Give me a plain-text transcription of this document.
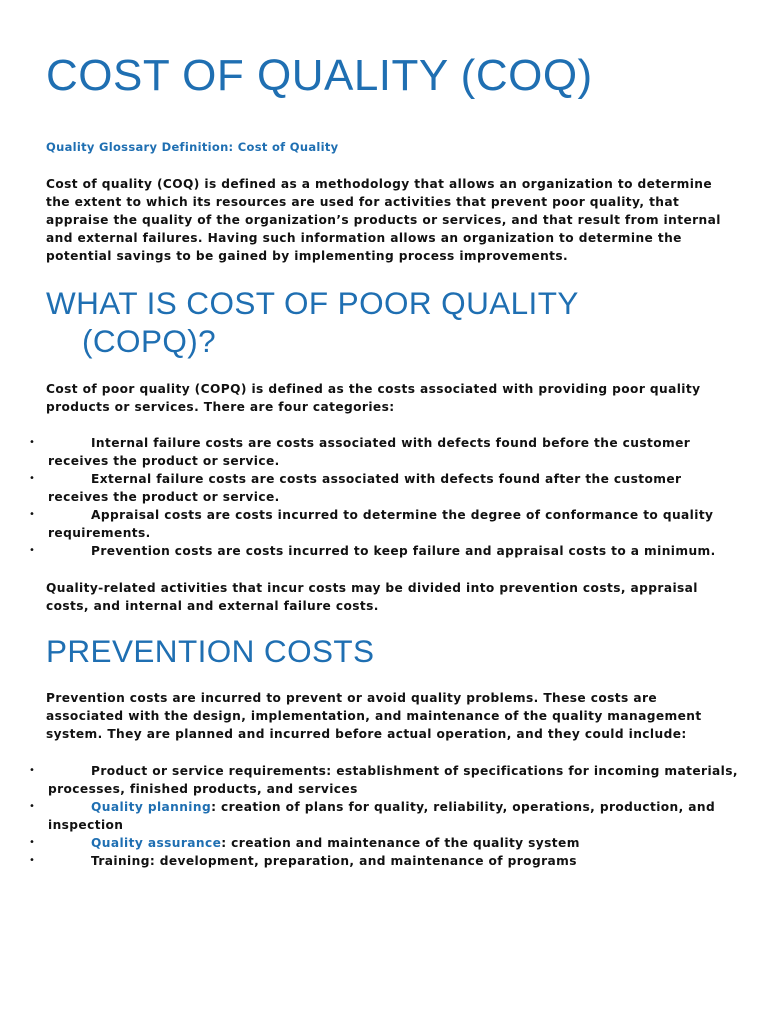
COST OF QUALITY (COQ)

Quality Glossary Definition: Cost of Quality

Cost of quality (COQ) is defined as a methodology that allows an organization to determine the extent to which its resources are used for activities that prevent poor quality, that appraise the quality of the organization’s products or services, and that result from internal and external failures. Having such information allows an organization to determine the potential savings to be gained by implementing process improvements.

WHAT IS COST OF POOR QUALITY
(COPQ)?

Cost of poor quality (COPQ) is defined as the costs associated with providing poor quality products or services. There are four categories:

•	Internal failure costs are costs associated with defects found before the customer receives the product or service.
•	External failure costs are costs associated with defects found after the customer receives the product or service.
•	Appraisal costs are costs incurred to determine the degree of conformance to quality requirements.
•	Prevention costs are costs incurred to keep failure and appraisal costs to a minimum.

Quality-related activities that incur costs may be divided into prevention costs, appraisal costs, and internal and external failure costs.

PREVENTION COSTS

Prevention costs are incurred to prevent or avoid quality problems. These costs are associated with the design, implementation, and maintenance of the quality management system. They are planned and incurred before actual operation, and they could include:

•	Product or service requirements: establishment of specifications for incoming materials, processes, finished products, and services
•	Quality planning: creation of plans for quality, reliability, operations, production, and inspection
•	Quality assurance: creation and maintenance of the quality system
•	Training: development, preparation, and maintenance of programs
